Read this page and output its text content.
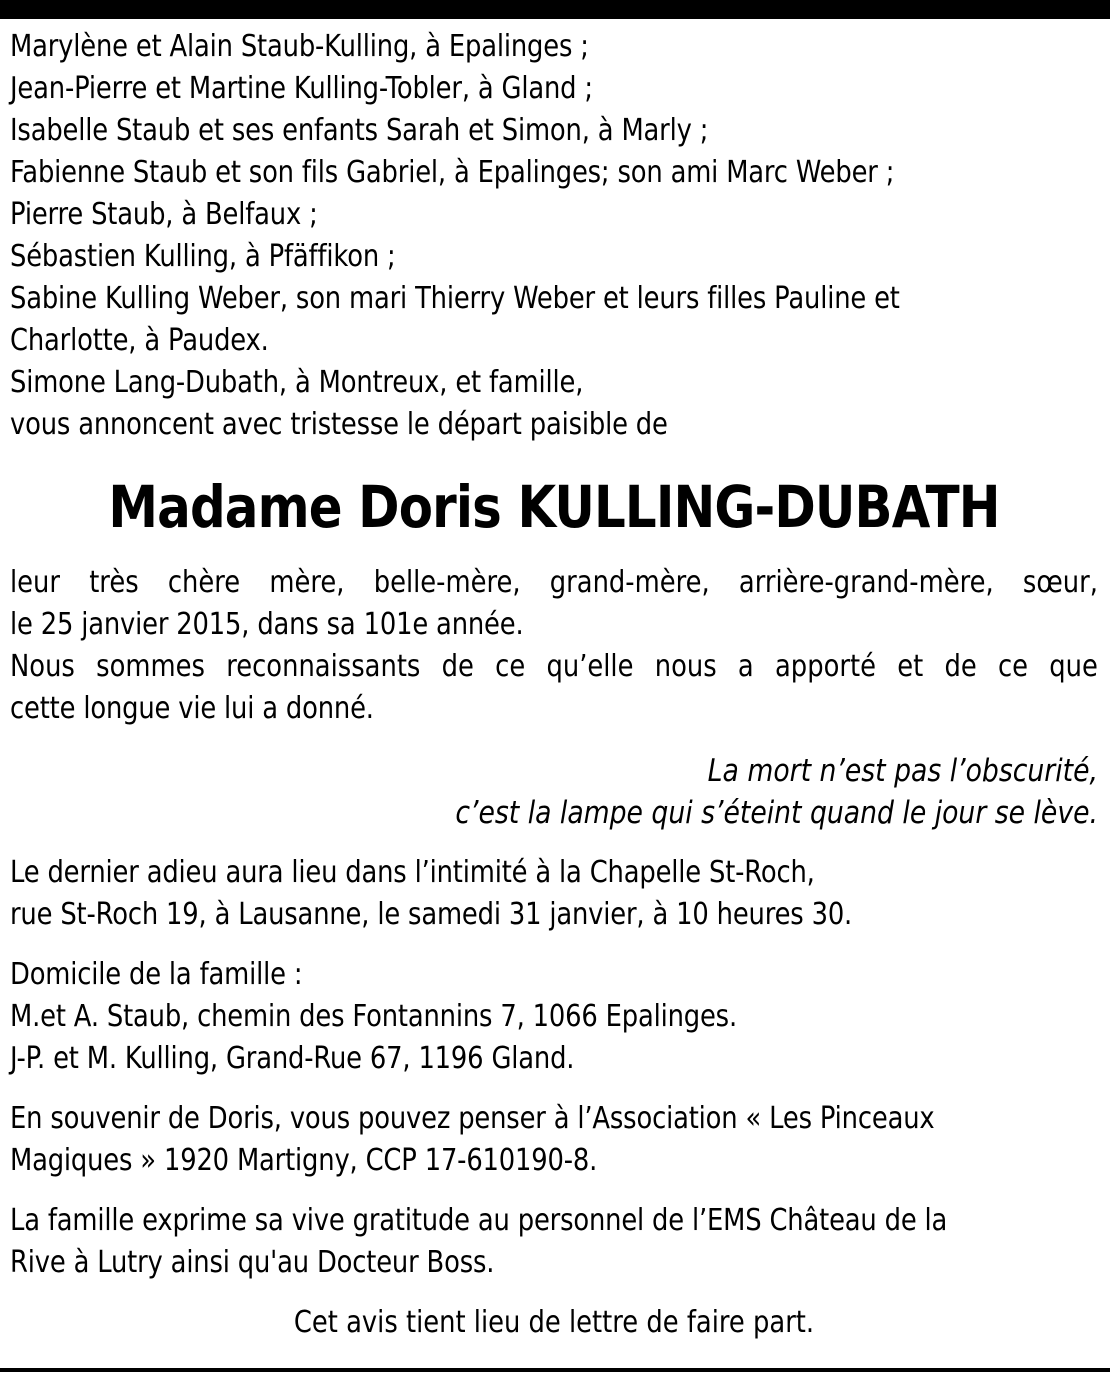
Marylène et Alain Staub-Kulling, à Epalinges ;
Jean-Pierre et Martine Kulling-Tobler, à Gland ;
Isabelle Staub et ses enfants Sarah et Simon, à Marly ;
Fabienne Staub et son fils Gabriel, à Epalinges; son ami Marc Weber ;
Pierre Staub, à Belfaux ;
Sébastien Kulling, à Pfäffikon ;
Sabine Kulling Weber, son mari Thierry Weber et leurs filles Pauline et
Charlotte, à Paudex.
Simone Lang-Dubath, à Montreux, et famille,
vous annoncent avec tristesse le départ paisible de
Madame Doris KULLING-DUBATH
leur très chère mère, belle-mère, grand-mère, arrière-grand-mère, sœur,
le 25 janvier 2015, dans sa 101e année.
Nous sommes reconnaissants de ce qu’elle nous a apporté et de ce que
cette longue vie lui a donné.
La mort n’est pas l’obscurité,
c’est la lampe qui s’éteint quand le jour se lève.
Le dernier adieu aura lieu dans l’intimité à la Chapelle St-Roch,
rue St-Roch 19, à Lausanne, le samedi 31 janvier, à 10 heures 30.
Domicile de la famille :
M.et A. Staub, chemin des Fontannins 7, 1066 Epalinges.
J-P. et M. Kulling, Grand-Rue 67, 1196 Gland.
En souvenir de Doris, vous pouvez penser à l’Association « Les Pinceaux
Magiques » 1920 Martigny, CCP 17-610190-8.
La famille exprime sa vive gratitude au personnel de l’EMS Château de la
Rive à Lutry ainsi qu'au Docteur Boss.
Cet avis tient lieu de lettre de faire part.
